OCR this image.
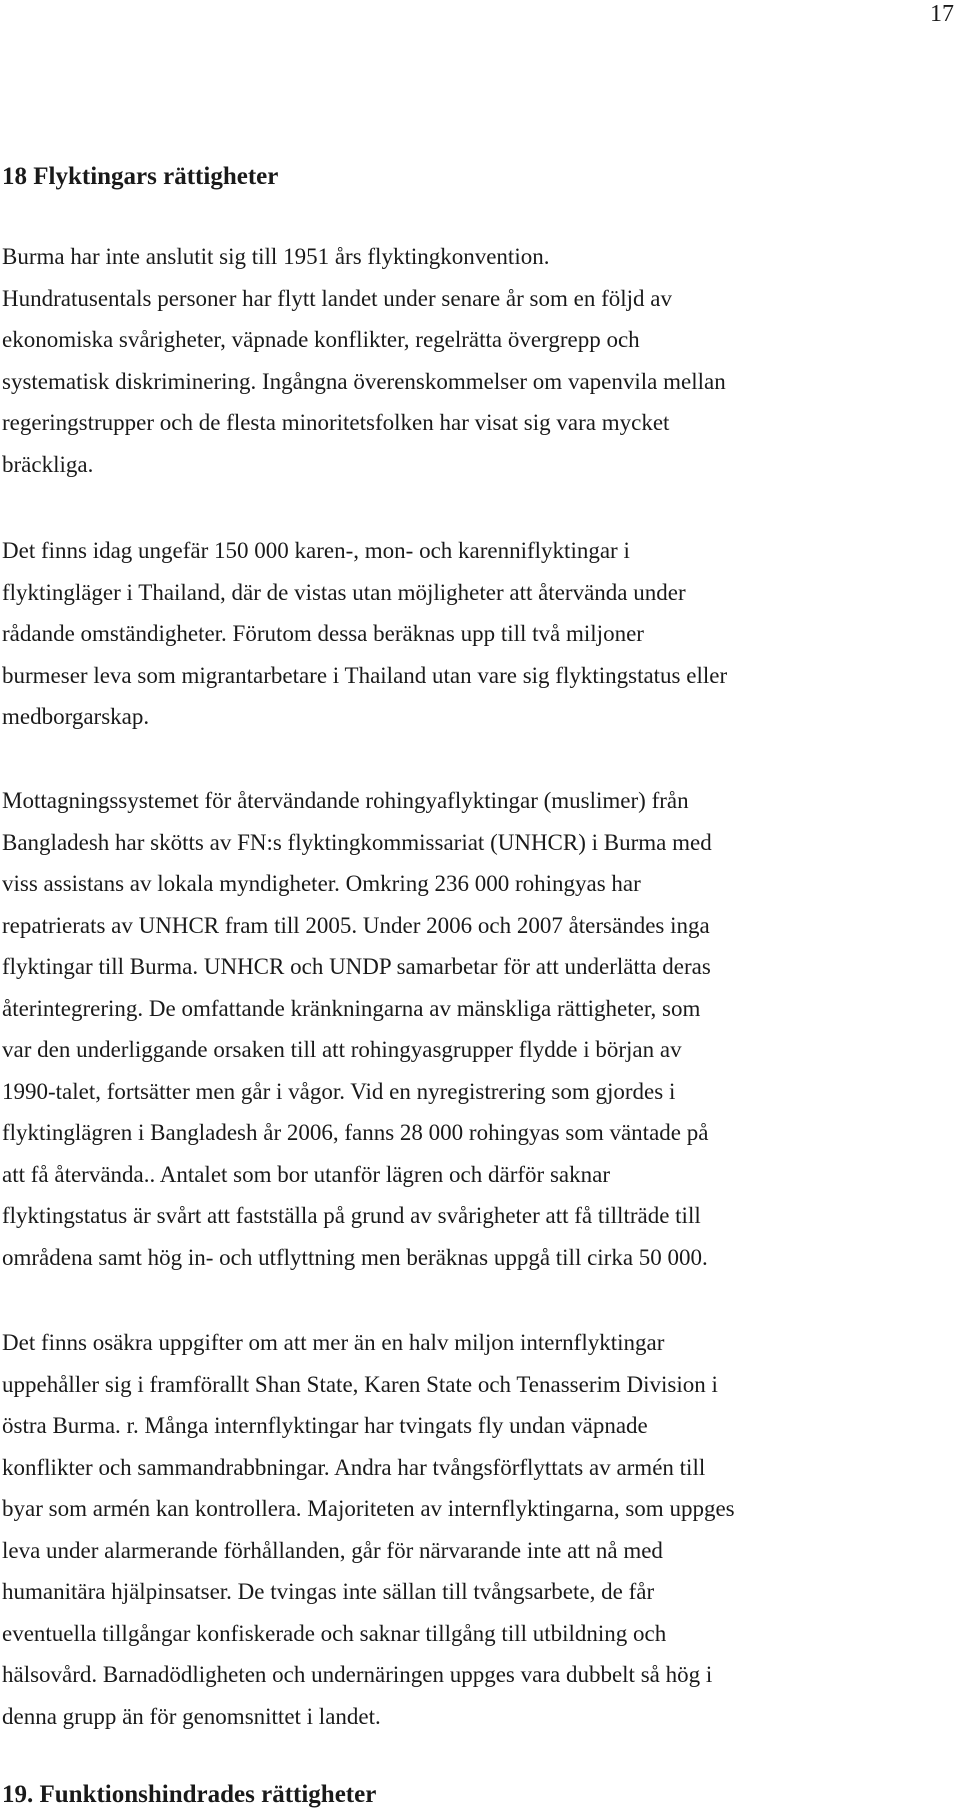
17
18 Flyktingars rättigheter

Burma har inte anslutit sig till 1951 års flyktingkonvention.
Hundratusentals personer har flytt landet under senare år som en följd av
ekonomiska svårigheter, väpnade konflikter, regelrätta övergrepp och
systematisk diskriminering. Ingångna överenskommelser om vapenvila mellan
regeringstrupper och de flesta minoritetsfolken har visat sig vara mycket
bräckliga.

Det finns idag ungefär 150 000 karen-, mon- och karenniflyktingar i
flyktingläger i Thailand, där de vistas utan möjligheter att återvända under
rådande omständigheter. Förutom dessa beräknas upp till två miljoner
burmeser leva som migrantarbetare i Thailand utan vare sig flyktingstatus eller
medborgarskap.

Mottagningssystemet för återvändande rohingyaflyktingar (muslimer) från
Bangladesh har skötts av FN:s flyktingkommissariat (UNHCR) i Burma med
viss assistans av lokala myndigheter. Omkring 236 000 rohingyas har
repatrierats av UNHCR fram till 2005. Under 2006 och 2007 återsändes inga
flyktingar till Burma. UNHCR och UNDP samarbetar för att underlätta deras
återintegrering. De omfattande kränkningarna av mänskliga rättigheter, som
var den underliggande orsaken till att rohingyasgrupper flydde i början av
1990-talet, fortsätter men går i vågor. Vid en nyregistrering som gjordes i
flyktinglägren i Bangladesh år 2006, fanns 28 000 rohingyas som väntade på
att få återvända.. Antalet som bor utanför lägren och därför saknar
flyktingstatus är svårt att fastställa på grund av svårigheter att få tillträde till
områdena samt hög in- och utflyttning men beräknas uppgå till cirka 50 000.

Det finns osäkra uppgifter om att mer än en halv miljon internflyktingar
uppehåller sig i framförallt Shan State, Karen State och Tenasserim Division i
östra Burma. r. Många internflyktingar har tvingats fly undan väpnade
konflikter och sammandrabbningar. Andra har tvångsförflyttats av armén till
byar som armén kan kontrollera. Majoriteten av internflyktingarna, som uppges
leva under alarmerande förhållanden, går för närvarande inte att nå med
humanitära hjälpinsatser. De tvingas inte sällan till tvångsarbete, de får
eventuella tillgångar konfiskerade och saknar tillgång till utbildning och
hälsovård. Barnadödligheten och undernäringen uppges vara dubbelt så hög i
denna grupp än för genomsnittet i landet.

19. Funktionshindrades rättigheter
